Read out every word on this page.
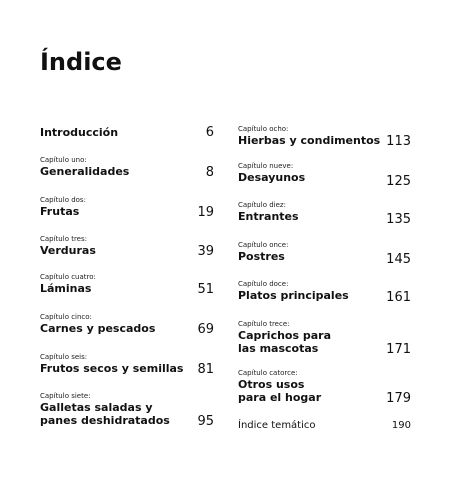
Índice
Introducción	6
Capítulo uno:
Generalidades	8
Capítulo dos:
Frutas	19
Capítulo tres:
Verduras	39
Capítulo cuatro:
Láminas	51
Capítulo cinco:
Carnes y pescados	69
Capítulo seis:
Frutos secos y semillas	81
Capítulo siete:
Galletas saladas y panes deshidratados	95
Capítulo ocho:
Hierbas y condimentos 113
Capítulo nueve:
Desayunos	125
Capítulo diez:
Entrantes	135
Capítulo once:
Postres	145
Capítulo doce:
Platos principales	161
Capítulo trece:
Caprichos para las mascotas	171
Capítulo catorce:
Otros usos para el hogar	179
Índice temático	190
